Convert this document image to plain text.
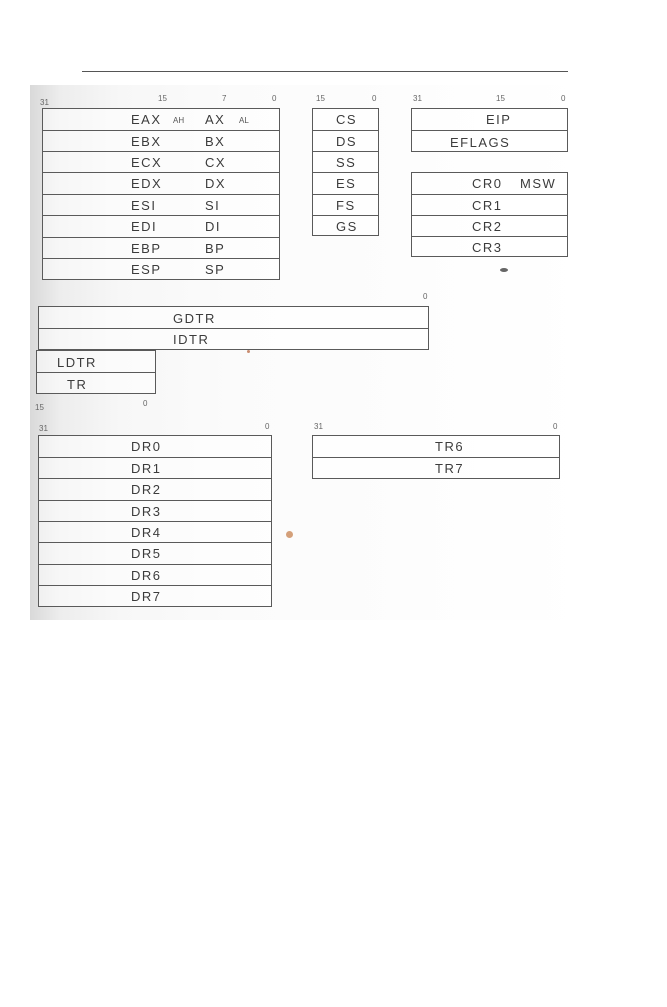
31	15	7	0
EAX AH AX AL
EBX	BX
ECX	CX
EDX	DX
ESI	SI
EDI	DI
EBP	BP
ESP	SP
15	0
CS
DS
SS
ES
FS
GS
31	15	0
EIP
EFLAGS
CR0 MSW
CR1
CR2
CR3
0
GDTR
IDTR
LDTR
TR
15	0
31	0
DR0
DR1
DR2
DR3
DR4
DR5
DR6
DR7
31	0
TR6
TR7
